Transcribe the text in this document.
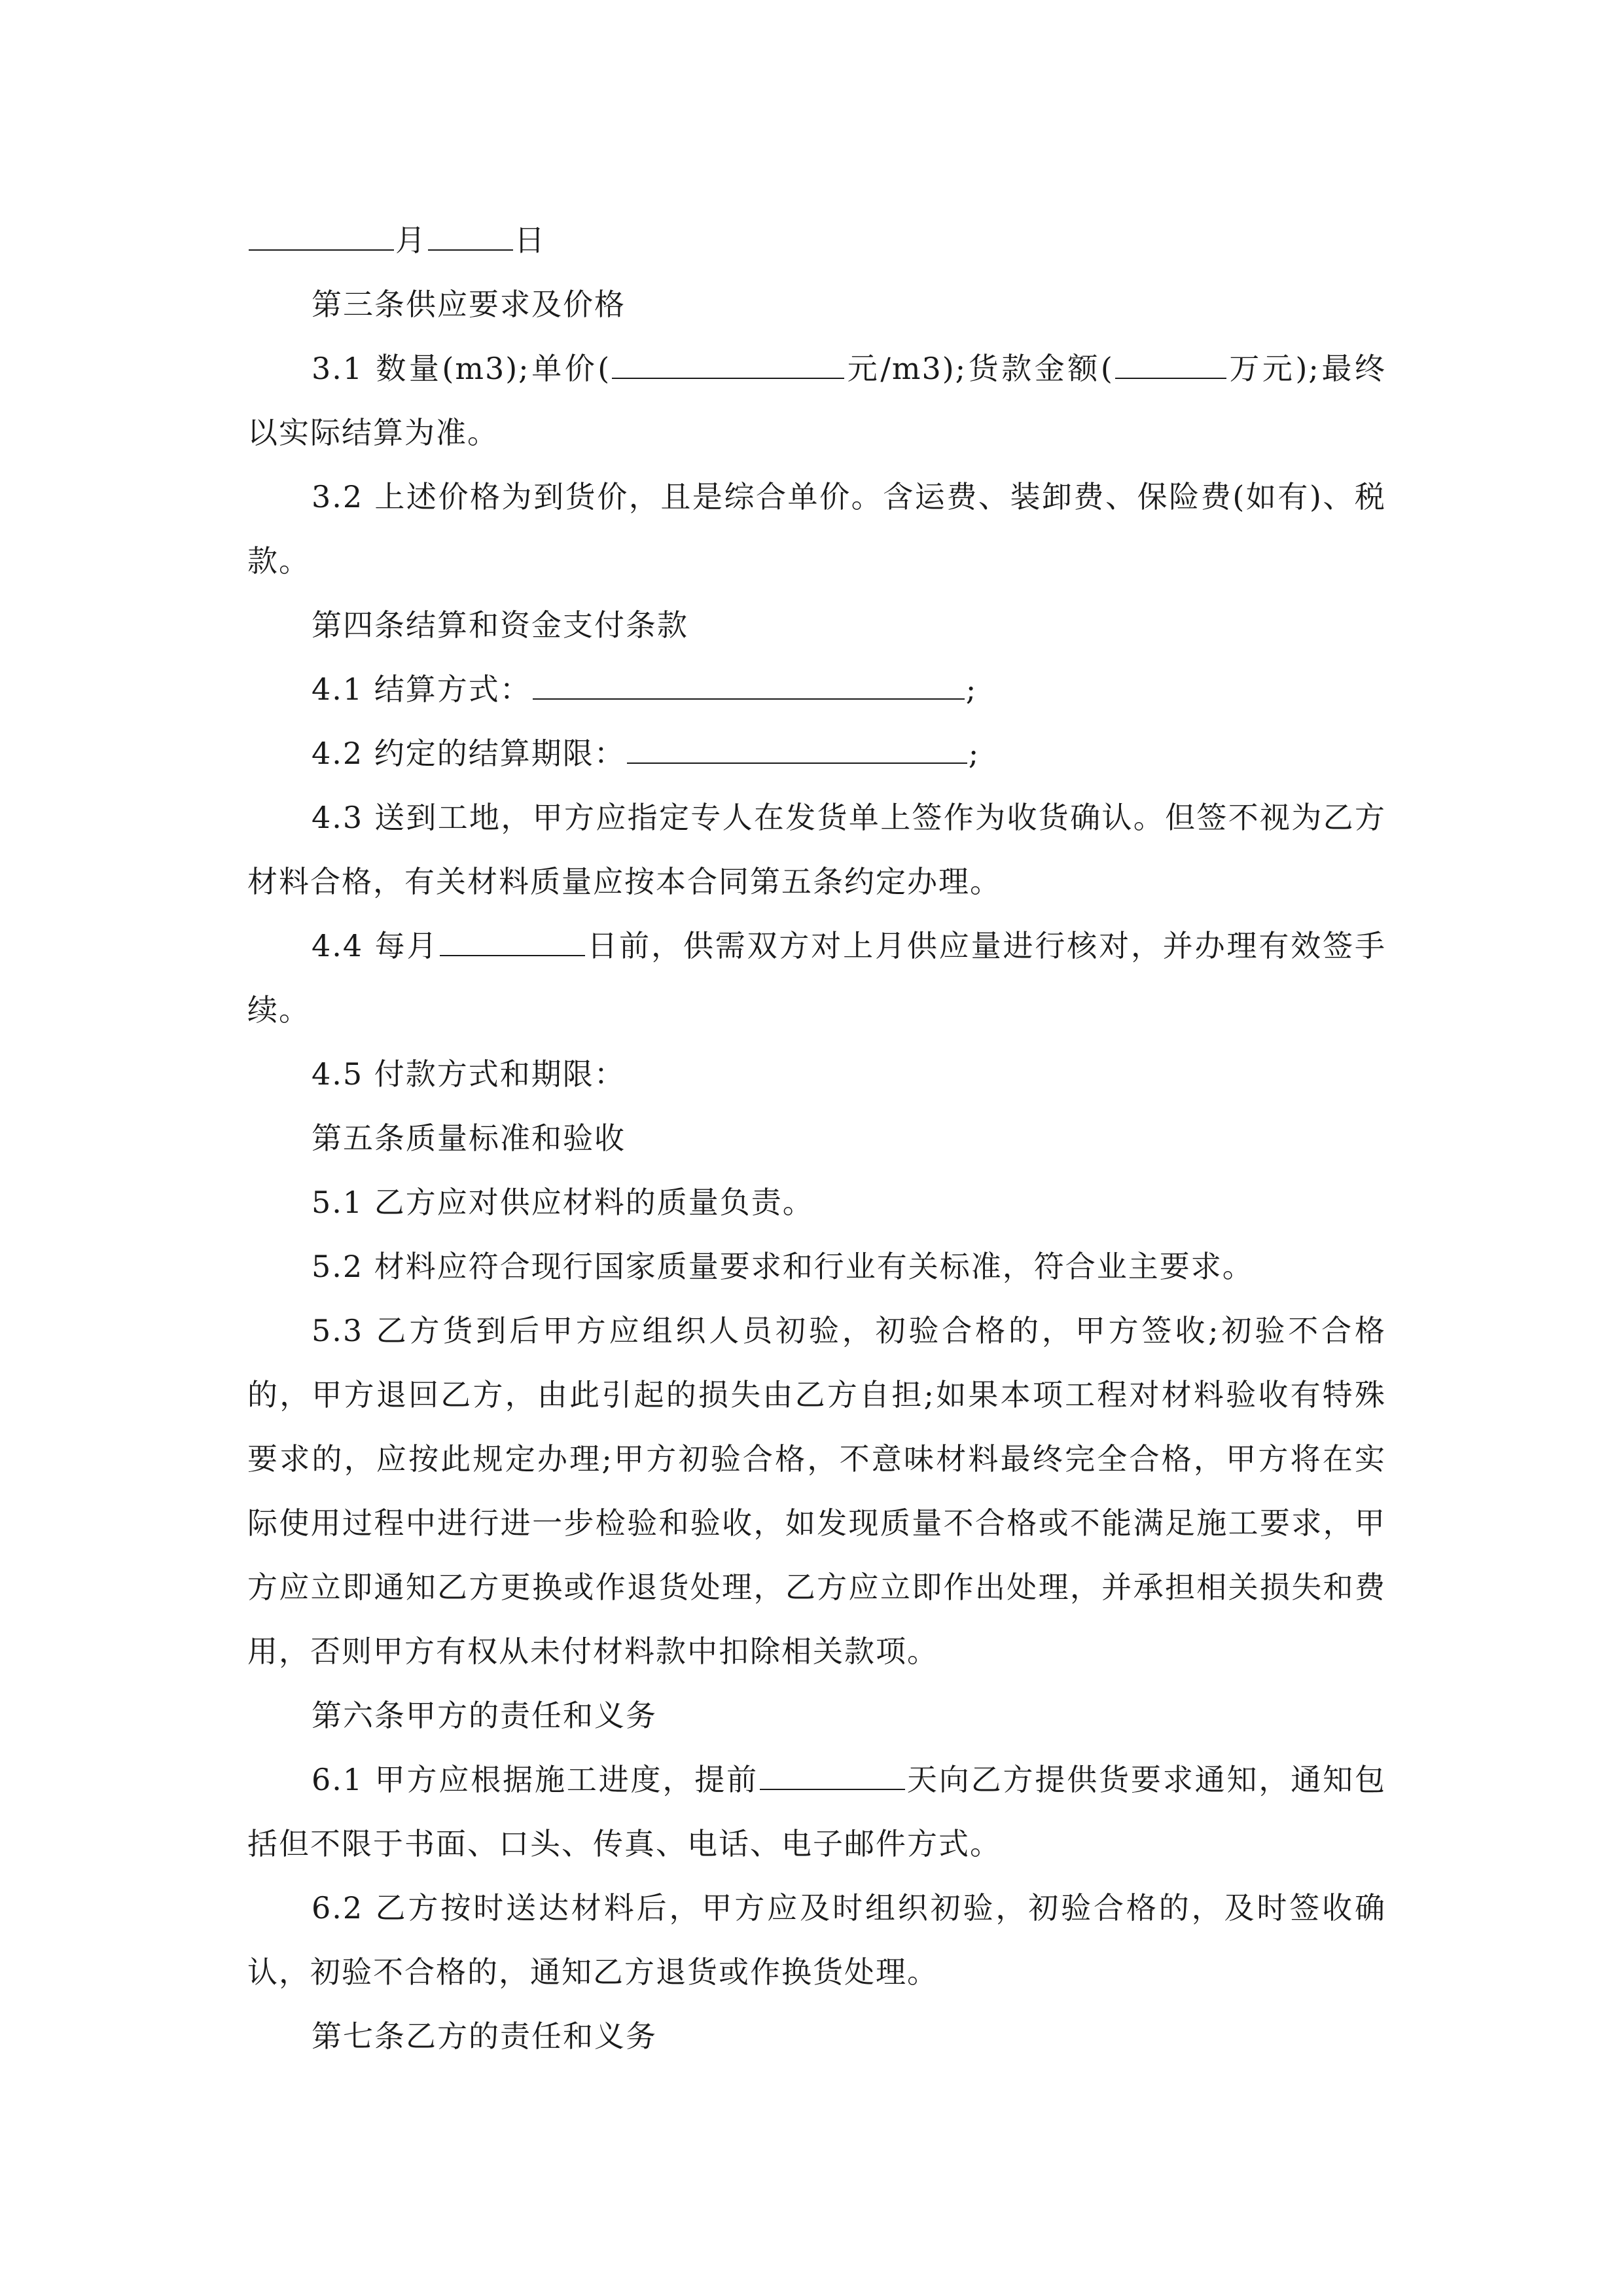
月	日

第三条供应要求及价格

3.1 数量(m3);单价(	元/m3);货款金额(	万元);最终以实际结算为准。

3.2 上述价格为到货价，且是综合单价。含运费、装卸费、保险费(如有)、税款。

第四条结算和资金支付条款

4.1 结算方式：	;

4.2 约定的结算期限：	;

4.3 送到工地，甲方应指定专人在发货单上签作为收货确认。但签不视为乙方材料合格，有关材料质量应按本合同第五条约定办理。

4.4 每月	日前，供需双方对上月供应量进行核对，并办理有效签手续。

4.5 付款方式和期限：

第五条质量标准和验收

5.1 乙方应对供应材料的质量负责。

5.2 材料应符合现行国家质量要求和行业有关标准，符合业主要求。

5.3 乙方货到后甲方应组织人员初验，初验合格的，甲方签收;初验不合格的，甲方退回乙方，由此引起的损失由乙方自担;如果本项工程对材料验收有特殊要求的，应按此规定办理;甲方初验合格，不意味材料最终完全合格，甲方将在实际使用过程中进行进一步检验和验收，如发现质量不合格或不能满足施工要求，甲方应立即通知乙方更换或作退货处理，乙方应立即作出处理，并承担相关损失和费用，否则甲方有权从未付材料款中扣除相关款项。

第六条甲方的责任和义务

6.1 甲方应根据施工进度，提前	天向乙方提供货要求通知，通知包括但不限于书面、口头、传真、电话、电子邮件方式。

6.2 乙方按时送达材料后，甲方应及时组织初验，初验合格的，及时签收确认，初验不合格的，通知乙方退货或作换货处理。

第七条乙方的责任和义务
